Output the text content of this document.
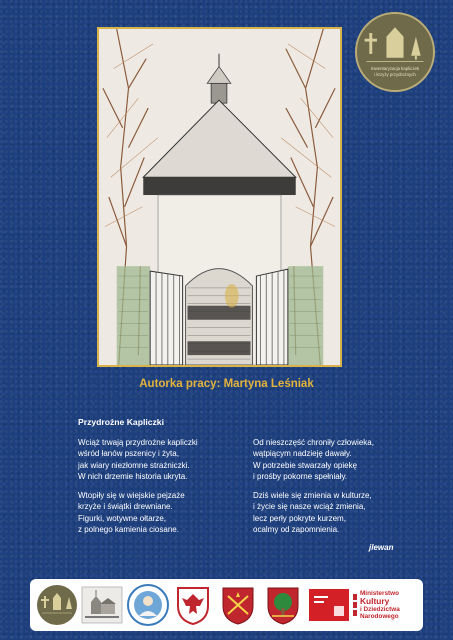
Inwentaryzacja kapliczek
i krzyży przydrożnych
Autorka pracy: Martyna Leśniak
Przydrożne Kapliczki
Wciąż trwają przydrożne kapliczki
wśród łanów pszenicy i żyta,
jak wiary niezłomne strażniczki.
W nich drzemie historia ukryta.
Wtopiły się w wiejskie pejzaże
krzyże i świątki drewniane.
Figurki, wotywne ołtarze,
z polnego kamienia ciosane.
Od nieszczęść chroniły człowieka,
wątpiącym nadzieję dawały.
W potrzebie stwarzały opiekę
i prośby pokorne spełniały.
Dziś wiele się zmienia w kulturze,
i życie się nasze wciąż zmienia,
lecz perły pokryte kurzem,
ocalmy od zapomnienia.
jlewan
Ministerstwo
Kultury
i Dziedzictwa
Narodowego
